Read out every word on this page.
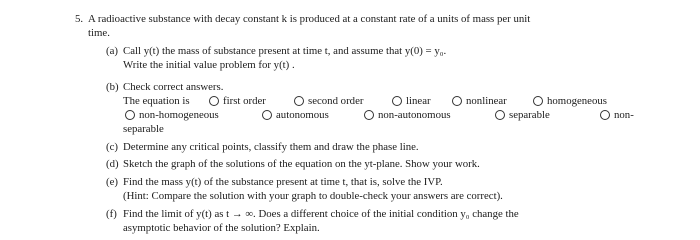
5. A radioactive substance with decay constant k is produced at a constant rate of a units of mass per unit
time.
(a) Call y(t) the mass of substance present at time t, and assume that y(0) = y₀.
Write the initial value problem for y(t) .
(b) Check correct answers.
The equation is	first order	second order	linear	nonlinear	homogeneous
non-homogeneous	autonomous	non-autonomous	separable	non-
separable
(c) Determine any critical points, classify them and draw the phase line.
(d) Sketch the graph of the solutions of the equation on the yt-plane. Show your work.
(e) Find the mass y(t) of the substance present at time t, that is, solve the IVP.
(Hint: Compare the solution with your graph to double-check your answers are correct).
(f) Find the limit of y(t) as t → ∞. Does a different choice of the initial condition y₀ change the
asymptotic behavior of the solution? Explain.
